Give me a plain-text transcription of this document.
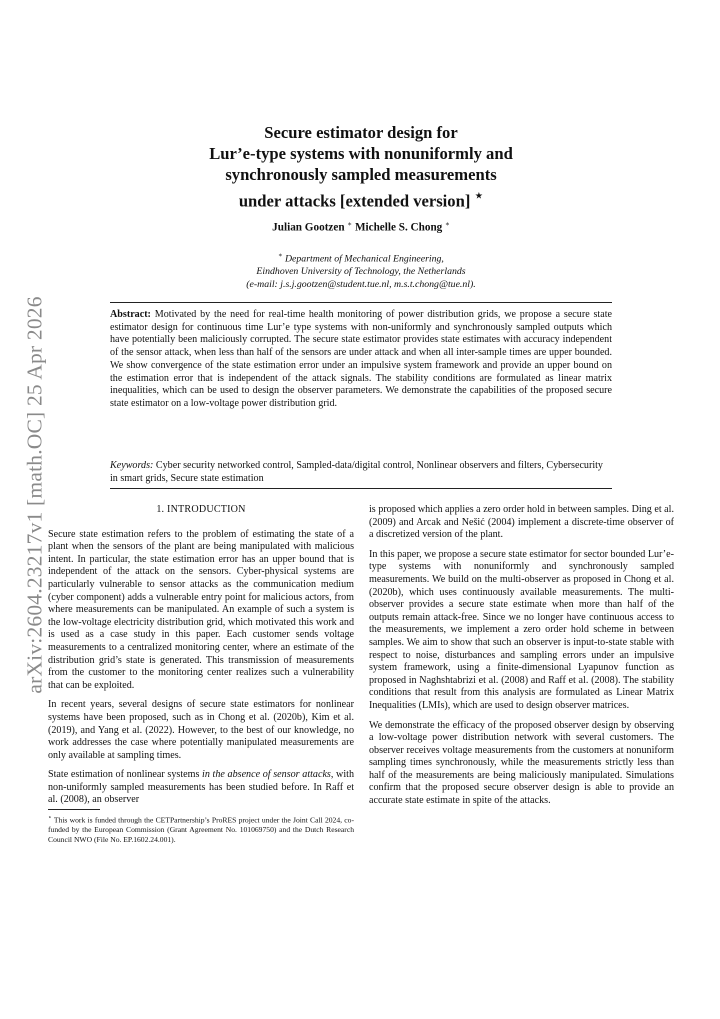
arXiv:2604.23217v1 [math.OC] 25 Apr 2026
Secure estimator design for
Lur’e-type systems with nonuniformly and
synchronously sampled measurements
under attacks [extended version] ⋆
Julian Gootzen ∗ Michelle S. Chong ∗
∗ Department of Mechanical Engineering,
Eindhoven University of Technology, the Netherlands
(e-mail: j.s.j.gootzen@student.tue.nl, m.s.t.chong@tue.nl).
Abstract: Motivated by the need for real-time health monitoring of power distribution grids, we propose a secure state estimator design for continuous time Lur’e type systems with non-uniformly and synchronously sampled outputs which have potentially been maliciously corrupted. The secure state estimator provides state estimates with accuracy independent of the sensor attack, when less than half of the sensors are under attack and when all inter-sample times are upper bounded. We show convergence of the state estimation error under an impulsive system framework and provide an upper bound on the estimation error that is independent of the attack signals. The stability conditions are formulated as linear matrix inequalities, which can be used to design the observer parameters. We demonstrate the capabilities of the proposed secure state estimator on a low-voltage power distribution grid.
Keywords: Cyber security networked control, Sampled-data/digital control, Nonlinear observers and filters, Cybersecurity in smart grids, Secure state estimation
1. INTRODUCTION

Secure state estimation refers to the problem of estimating the state of a plant when the sensors of the plant are being manipulated with malicious intent. In particular, the state estimation error has an upper bound that is independent of the attack on the sensors. Cyber-physical systems are particularly vulnerable to sensor attacks as the communication medium (cyber component) adds a vulnerable entry point for malicious actors, from where measurements can be manipulated. An example of such a system is the low-voltage electricity distribution grid, which motivated this work and is used as a case study in this paper. Each customer sends voltage measurements to a centralized monitoring center, where an estimate of the distribution grid’s state is generated. This transmission of measurements from the customer to the monitoring center realizes such a vulnerability that can be exploited.

In recent years, several designs of secure state estimators for nonlinear systems have been proposed, such as in Chong et al. (2020b), Kim et al. (2019), and Yang et al. (2022). However, to the best of our knowledge, no work addresses the case where potentially manipulated measurements are only available at sampling times.

State estimation of nonlinear systems in the absence of sensor attacks, with non-uniformly sampled measurements has been studied before. In Raff et al. (2008), an observer

⋆ This work is funded through the CETPartnership’s ProRES project under the Joint Call 2024, co-funded by the European Commission (Grant Agreement No. 101069750) and the Dutch Research Council NWO (File No. EP.1602.24.001).

is proposed which applies a zero order hold in between samples. Ding et al. (2009) and Arcak and Nešić (2004) implement a discrete-time observer of a discretized version of the plant.

In this paper, we propose a secure state estimator for sector bounded Lur’e-type systems with nonuniformly and synchronously sampled measurements. We build on the multi-observer as proposed in Chong et al. (2020b), which uses continuously available measurements. The multi-observer provides a secure state estimate when more than half of the outputs remain attack-free. Since we no longer have continuous access to the measurements, we implement a zero order hold scheme in between samples. We aim to show that such an observer is input-to-state stable with respect to noise, disturbances and sampling errors under an impulsive system framework, using a finite-dimensional Lyapunov function as proposed in Naghshtabrizi et al. (2008) and Raff et al. (2008). The stability conditions that result from this analysis are formulated as Linear Matrix Inequalities (LMIs), which are used to design observer matrices.

We demonstrate the efficacy of the proposed observer design by observing a low-voltage power distribution network with several customers. The observer receives voltage measurements from the customers at nonuniform sampling times synchronously, while the measurements strictly less than half of the measurements are being maliciously manipulated. Simulations confirm that the proposed secure observer design is able to provide an accurate state estimate in spite of the attacks.
